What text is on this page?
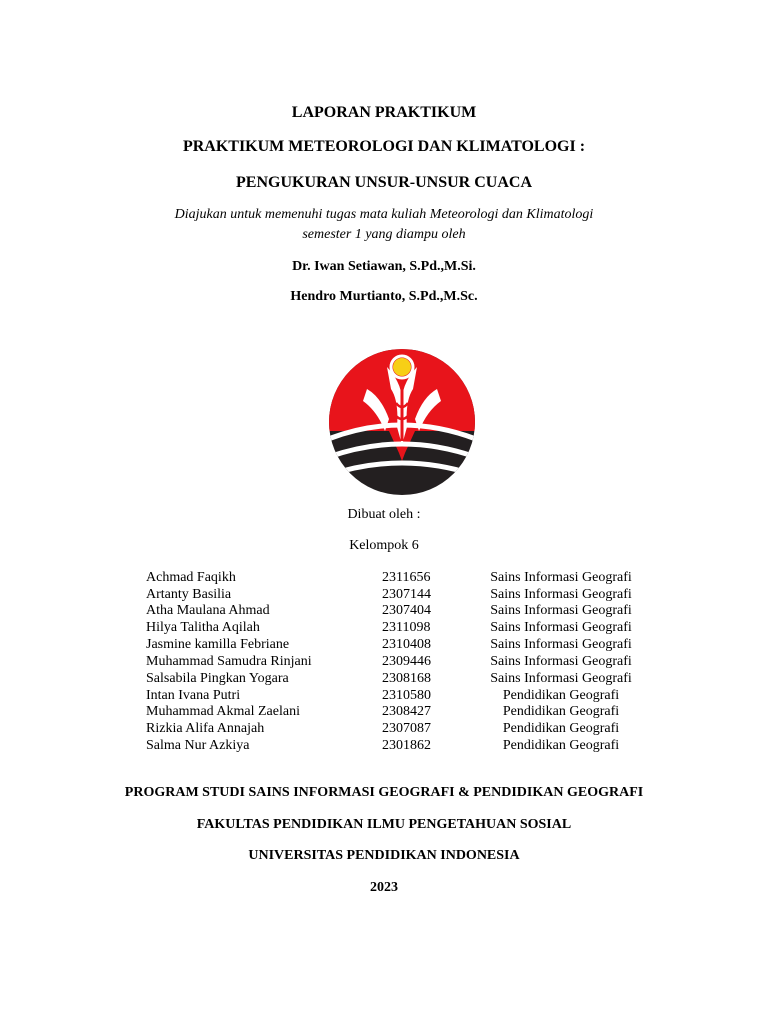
LAPORAN PRAKTIKUM
PRAKTIKUM METEOROLOGI DAN KLIMATOLOGI :
PENGUKURAN UNSUR-UNSUR CUACA
Diajukan untuk memenuhi tugas mata kuliah Meteorologi dan Klimatologi
semester 1 yang diampu oleh
Dr. Iwan Setiawan, S.Pd.,M.Si.
Hendro Murtianto, S.Pd.,M.Sc.
Dibuat oleh :
Kelompok 6
Achmad Faqikh	2311656	Sains Informasi Geografi
Artanty Basilia	2307144	Sains Informasi Geografi
Atha Maulana Ahmad	2307404	Sains Informasi Geografi
Hilya Talitha Aqilah	2311098	Sains Informasi Geografi
Jasmine kamilla Febriane	2310408	Sains Informasi Geografi
Muhammad Samudra Rinjani	2309446	Sains Informasi Geografi
Salsabila Pingkan Yogara	2308168	Sains Informasi Geografi
Intan Ivana Putri	2310580	Pendidikan Geografi
Muhammad Akmal Zaelani	2308427	Pendidikan Geografi
Rizkia Alifa Annajah	2307087	Pendidikan Geografi
Salma Nur Azkiya	2301862	Pendidikan Geografi
PROGRAM STUDI SAINS INFORMASI GEOGRAFI & PENDIDIKAN GEOGRAFI
FAKULTAS PENDIDIKAN ILMU PENGETAHUAN SOSIAL
UNIVERSITAS PENDIDIKAN INDONESIA
2023
